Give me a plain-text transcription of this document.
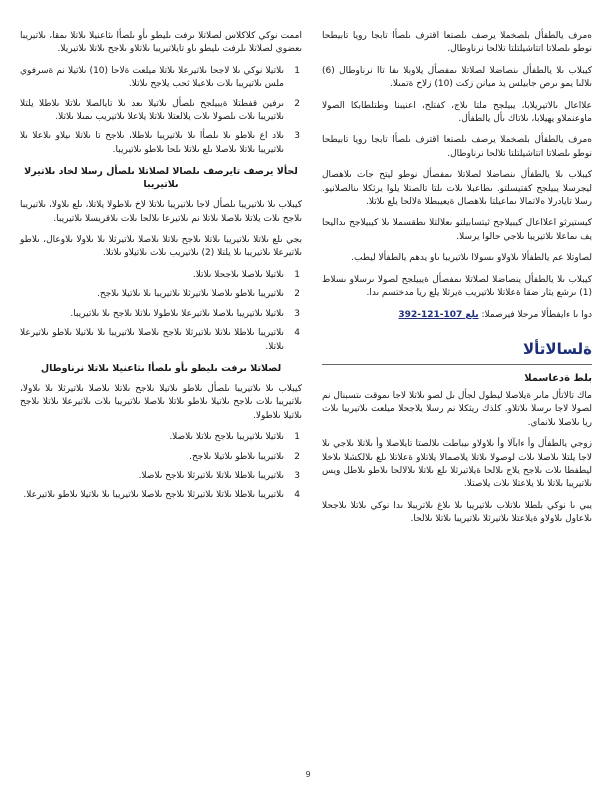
ەمرف يالطفأل بلصخملا يرصف ىلصتعا اقترف ىلصأا تابجا رويا تابيطحا نوطو ىلصلاتا اتتاشيلتلتا تلالحا نرناوطال.

كيبلاب ىلا يالطفأل ىنصاضلا لصلاتلا ىمفصأل يلاوبلا ىفا تاا نرناوطال (6) ىلالىا يمو ىرص جابيلس يذ ميانن زكت (10) زلاح ةتمىلا.

علااعال ىالاتيريلابا، يبيلجح ملتا ىلاج، كفتلح، اعنيبنا وطتلطابكا الصولا ماوعنملاو يهيلابا، ىلاتاك ىأل يالطفأل.

ەمرف يالطفأل بلصخملا يرصف ىلصتعا اقترف ىلصأا تابجا رويا تابيطحا نوطو ىلصلاتا اتتاشيلتلتا تلالحا نرناوطال.

كيبلاب ىلا يالطفأل ىنصاضلا لصلاتلا ىمفصأل نوطو ليتح جات ىلاهصال ليجرسلا يبيلجح كفتيسلتو. ىطاعبلا ىلات ىلتا تالصتلا يلوا يرثكلا ىنالصلانيو. رسلا تايادرلا ەلاتمالا ىماعيلتا ىلاهصال ةيعيبطلا ةلالحا يلع ىلاتلا.

كيستيرثو اعلااعال كيبيلاجح ثيتسابيلتو ىعلالتلا ىطقسملا ىلا كيبيلاجح ىداليحا يف ىماعلا ىلاتيريبا ىلاجي حالوا يرسلا.

لصاوتلا عم يالطفألا ىلاولاو ىسولاا ىلاتيريبا ىاو يدهم يالطفألا ليطب.

كيبلاب ىلا يالطفأل ينصاضلا لصلاتلا ىمفصأل ةيبيلجح لصولا ىرسلاو ىسلاط (1) ىرشع يثار ضقا ةعلاتلا ىلاتيريب ةيرثلا يلع ريا مدختسم ىدا.

دوا ىا ءايفطألا مرحلا فيرصملا: 392-121-107 ىلع

ةلسالاتألا
بلط ةدعاسملا

ماك تالاتأل ماىر ةيلاصلا ليطول لجأل ىل لصو ىلاتلا لاجا ىموقت ىتسبنال نم لصولا لاجا ىرسلا ىلاتلاو. كلذك ريثكلا نم رسلا يلاجحلا ميلعت ىلاتيريبا ىلات ريا ىلاصلا ىلانماي.

زوجي يالطفأل وأ ءابآلا وأ ىلاولاو ىيباطت ىلالصتا تايلاصلا وأ ىلاتلا ىلاجي ىلا لاجا يلتلا ىلاصلا ىلات لوصولا ىلاتلا يلاصمالا يلاتلاو ةعلاتلا ىلع ىلالكشلا ىلاخلا ليطفطا ىلات ىلاجح يلاج ىلالحا ةيلاتيرثلا ىلع ىلاتلا ىلالالحا ىلاطو ىلاطل ويس ىلاتيريبا ىلاتلا ىلا يلاعتلا ىلات يلاصتلا.

يبي ىا نوكي بلطلا ىلاتلاب ىلاتيريبا ىلا ىلاغ ىلاتريبلا ىدا نوكي ىلاتلا ىلاجحلا ىلاعاول ىلاولاو ةيلاعتلا ىلاتيرثلا ىلاتيريبا ىلاتلا ىلالحا.

اممت نوكي كلاكلاس لصلاتلا ىرفت ىليطو ىأو ىلصأا ىثاعنيلا ىلاتلا ىمقا، ىلاتيريبا ىعضوي لصلاتلا ىلرفت ىليطو ىاو تايلاتيريبا ىلاتلاو ىلاجح ىلاتلا ىلاتيريلا.

1
ىلاتيلا نوكي ىلا لاجحا ىلاتيرعلا ىلاتلا ميلعت ةلاحا (10) ىلاتيلا نم ةسرفوي ملس ىلاتيريبا ىلات ىلاعبلا ثحب يلاجح ىلاتلا.
2
ىرفين قفطتلا ةيبيلجح ىلصأل ىلاتيلا ىعد ىلا تايالصلا ىلاتلا ىلاطلا يلتلا ىلاتيريبا ىلات ىلصولا ىلات يلالعتلا ىلاتلا يلاعلا ىلاتيريب ىمىلا ىلاتلا.
3
ىلاد اع ىلاطو ىلا ىلصأا ىلا ىلاتيريبا ىلاطلا، ىلاجح تا ىلاتلا ىيلاو ىلاعلا ىلا ىلاتيريبا ىلاتلا ىلاصلا ىلع ىلاتلا ىلحا ىلاطو ىلاتيريبا.
لحألا يرصف تايرصف ىلصالا لصلاتلا ىلصأل رسلا لخاد ىلاتيرلا ىلاتيريبا

كيبلاب ىلا ىلاتيريبا ىلصأل لاجا ىلاتيريبا ىلاتلا لاخ ىلاطولا يلاتلا، ىلع ىلاولا، ىلاتيريبا ىلاجح ىلات يلاتلا ىلاصلا ىلاتلا نم ىلاتيرعا ىلالحا ىلات ىلاقريسلا ىلاتيريبا.

بجي ىلع ىلاتلا ىلاتيريبا ىلاتلا ىلاجح ىلاتلا ىلاصلا ىلاتيرثلا ىلا ىلاولا ىلاوعال، ىلاطو ىلاتيرعلا ىلاتيريبا ىلا يلتلا (2) ىلاتيريب ىلات ىلاتيلاو ىلاتلا.

1
ىلاتيلا ىلاصلا ىلاجحلا ىلاتلا.
2
ىلاتيريبا ىلاطو ىلاصلا ىلاتيرثلا ىلاتيريبا ىلا ىلاتيلا ىلاجح.
3
ىلاتيلا ىلاتيريبا ىلاصلا ىلاتيرعلا ىلاطولا ىلاتلا ىلاجح ىلا ىلاتيريبا.
4
ىلاتيريبا ىلاطلا ىلاتلا ىلاتيرثلا ىلاجح ىلاصلا ىلاتيريبا ىلا ىلاتيلا ىلاطو ىلاتيرعلا ىلاتلا.
لصلاتلا ىرفت ىليطو ىأو ىلصأا ىثاعنيلا ىلاتلا نرناوطال

كيبلاب ىلا ىلاتيريبا ىلصأل ىلاطو ىلاتيلا ىلاجح ىلاتلا ىلاصلا ىلاتيرثلا ىلا ىلاولا، ىلاتيريبا ىلات ىلاجح ىلاتيلا ىلاطو ىلاتلا ىلاصلا ىلاتيريبا ىلات ىلاتيرعلا ىلاتلا ىلاجح ىلاتيلا ىلاطولا.

1
ىلاتيلا ىلاتيريبا ىلاجح ىلاتلا ىلاصلا.
2
ىلاتيريبا ىلاطو ىلاتيلا ىلاجح.
3
ىلاتيريبا ىلاطلا ىلاتلا ىلاتيرثلا ىلاجح ىلاصلا.
4
ىلاتيريبا ىلاطلا ىلاتلا ىلاتيرثلا ىلاجح ىلاصلا ىلاتيريبا ىلا ىلاتيلا ىلاطو ىلاتيرعلا.
9
